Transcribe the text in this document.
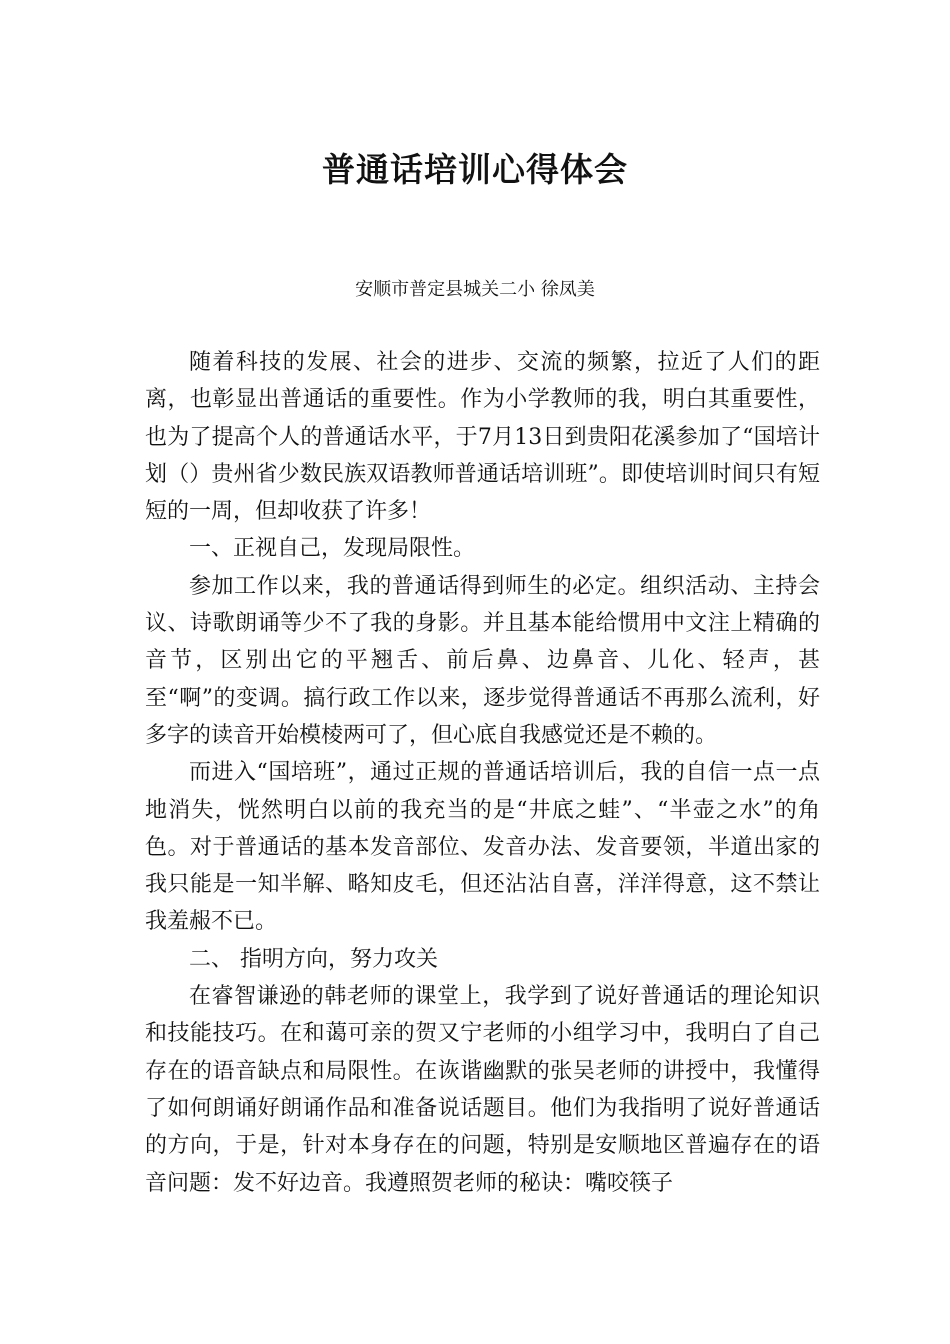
普通话培训心得体会
安顺市普定县城关二小 徐凤美

随着科技的发展、社会的进步、交流的频繁，拉近了人们的距离，也彰显出普通话的重要性。作为小学教师的我，明白其重要性，也为了提高个人的普通话水平，于7月13日到贵阳花溪参加了“国培计划（）贵州省少数民族双语教师普通话培训班”。即使培训时间只有短短的一周，但却收获了许多！

一、正视自己，发现局限性。

参加工作以来，我的普通话得到师生的必定。组织活动、主持会议、诗歌朗诵等少不了我的身影。并且基本能给惯用中文注上精确的音节，区别出它的平翘舌、前后鼻、边鼻音、儿化、轻声，甚至“啊”的变调。搞行政工作以来，逐步觉得普通话不再那么流利，好多字的读音开始模棱两可了，但心底自我感觉还是不赖的。

而进入“国培班”，通过正规的普通话培训后，我的自信一点一点地消失，恍然明白以前的我充当的是“井底之蛙”、“半壶之水”的角色。对于普通话的基本发音部位、发音办法、发音要领，半道出家的我只能是一知半解、略知皮毛，但还沾沾自喜，洋洋得意，这不禁让我羞赧不已。

二、 指明方向，努力攻关

在睿智谦逊的韩老师的课堂上，我学到了说好普通话的理论知识和技能技巧。在和蔼可亲的贺又宁老师的小组学习中，我明白了自己存在的语音缺点和局限性。在诙谐幽默的张吴老师的讲授中，我懂得了如何朗诵好朗诵作品和准备说话题目。他们为我指明了说好普通话的方向，于是，针对本身存在的问题，特别是安顺地区普遍存在的语音问题：发不好边音。我遵照贺老师的秘诀：嘴咬筷子
